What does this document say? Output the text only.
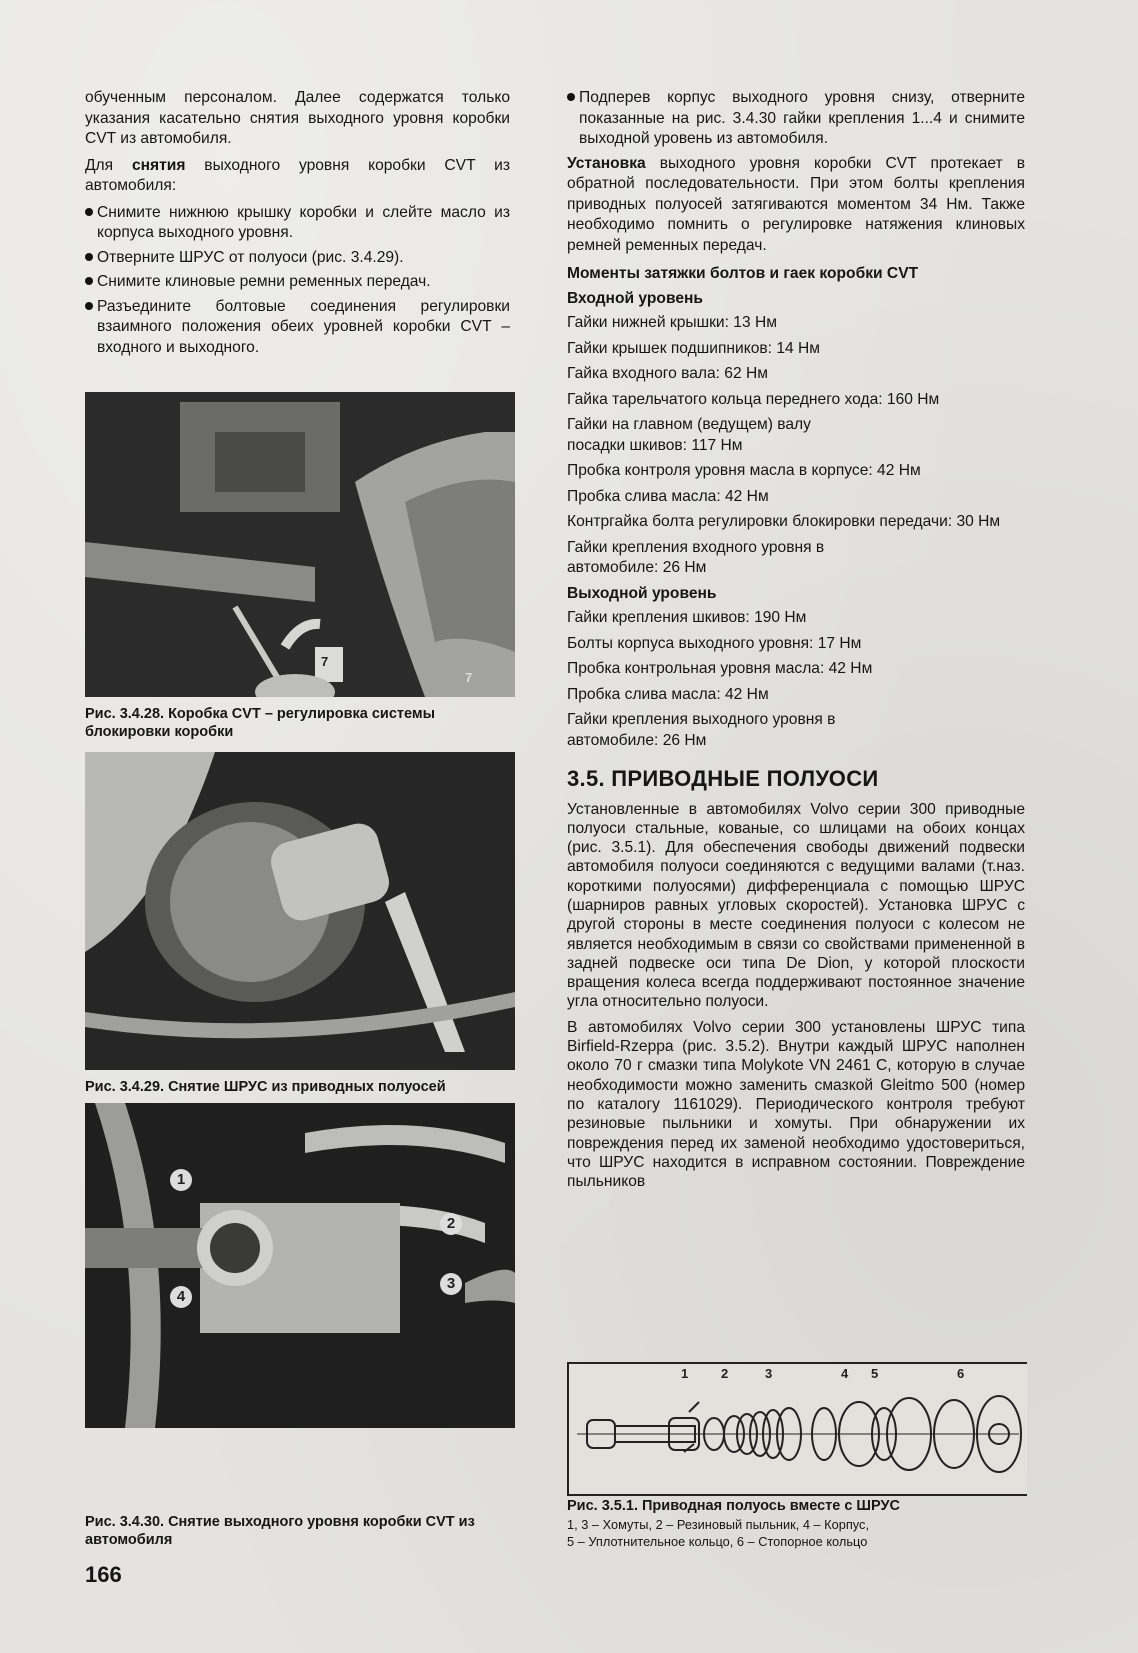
обученным персоналом. Далее содержатся только указания касательно снятия выходного уровня коробки CVT из автомобиля.

Для снятия выходного уровня коробки CVT из автомобиля:

Снимите нижнюю крышку коробки и слейте масло из корпуса выходного уровня.

Отверните ШРУС от полуоси (рис. 3.4.29).

Снимите клиновые ремни ременных передач.

Разъедините болтовые соединения регулировки взаимного положения обеих уровней коробки CVT – входного и выходного.

7
7
Рис. 3.4.28. Коробка CVT – регулировка системы блокировки коробки
Рис. 3.4.29. Снятие ШРУС из приводных полуосей
1
2
3
4
Рис. 3.4.30. Снятие выходного уровня коробки CVT из автомобиля
166

Подперев корпус выходного уровня снизу, отверните показанные на рис. 3.4.30 гайки крепления 1...4 и снимите выходной уровень из автомобиля.

Установка выходного уровня коробки CVT протекает в обратной последовательности. При этом болты крепления приводных полуосей затягиваются моментом 34 Нм. Также необходимо помнить о регулировке натяжения клиновых ремней ременных передач.

Моменты затяжки болтов и гаек коробки CVT
Входной уровень

Гайки нижней крышки: 13 Нм

Гайки крышек подшипников: 14 Нм

Гайка входного вала: 62 Нм

Гайка тарельчатого кольца переднего хода: 160 Нм

Гайки на главном (ведущем) валу посадки шкивов: 117 Нм

Пробка контроля уровня масла в корпусе: 42 Нм

Пробка слива масла: 42 Нм

Контргайка болта регулировки блокировки передачи: 30 Нм

Гайки крепления входного уровня в автомобиле: 26 Нм

Выходной уровень

Гайки крепления шкивов: 190 Нм

Болты корпуса выходного уровня: 17 Нм

Пробка контрольная уровня масла: 42 Нм

Пробка слива масла: 42 Нм

Гайки крепления выходного уровня в автомобиле: 26 Нм

3.5. ПРИВОДНЫЕ ПОЛУОСИ

Установленные в автомобилях Volvo серии 300 приводные полуоси стальные, кованые, со шлицами на обоих концах (рис. 3.5.1). Для обеспечения свободы движений подвески автомобиля полуоси соединяются с ведущими валами (т.наз. короткими полуосями) дифференциала с помощью ШРУС (шарниров равных угловых скоростей). Установка ШРУС с другой стороны в месте соединения полуоси с колесом не является необходимым в связи со свойствами примененной в задней подвеске оси типа De Dion, у которой плоскости вращения колеса всегда поддерживают постоянное значение угла относительно полуоси.

В автомобилях Volvo серии 300 установлены ШРУС типа Birfield-Rzeppa (рис. 3.5.2). Внутри каждый ШРУС наполнен около 70 г смазки типа Molykote VN 2461 C, которую в случае необходимости можно заменить смазкой Gleitmo 500 (номер по каталогу 1161029). Периодического контроля требуют резиновые пыльники и хомуты. При обнаружении их повреждения перед их заменой необходимо удостовериться, что ШРУС находится в исправном состоянии. Повреждение пыльников

1	2	3	4 5	6
Рис. 3.5.1. Приводная полуось вместе с ШРУС
1, 3 – Хомуты, 2 – Резиновый пыльник, 4 – Корпус,
5 – Уплотнительное кольцо, 6 – Стопорное кольцо
